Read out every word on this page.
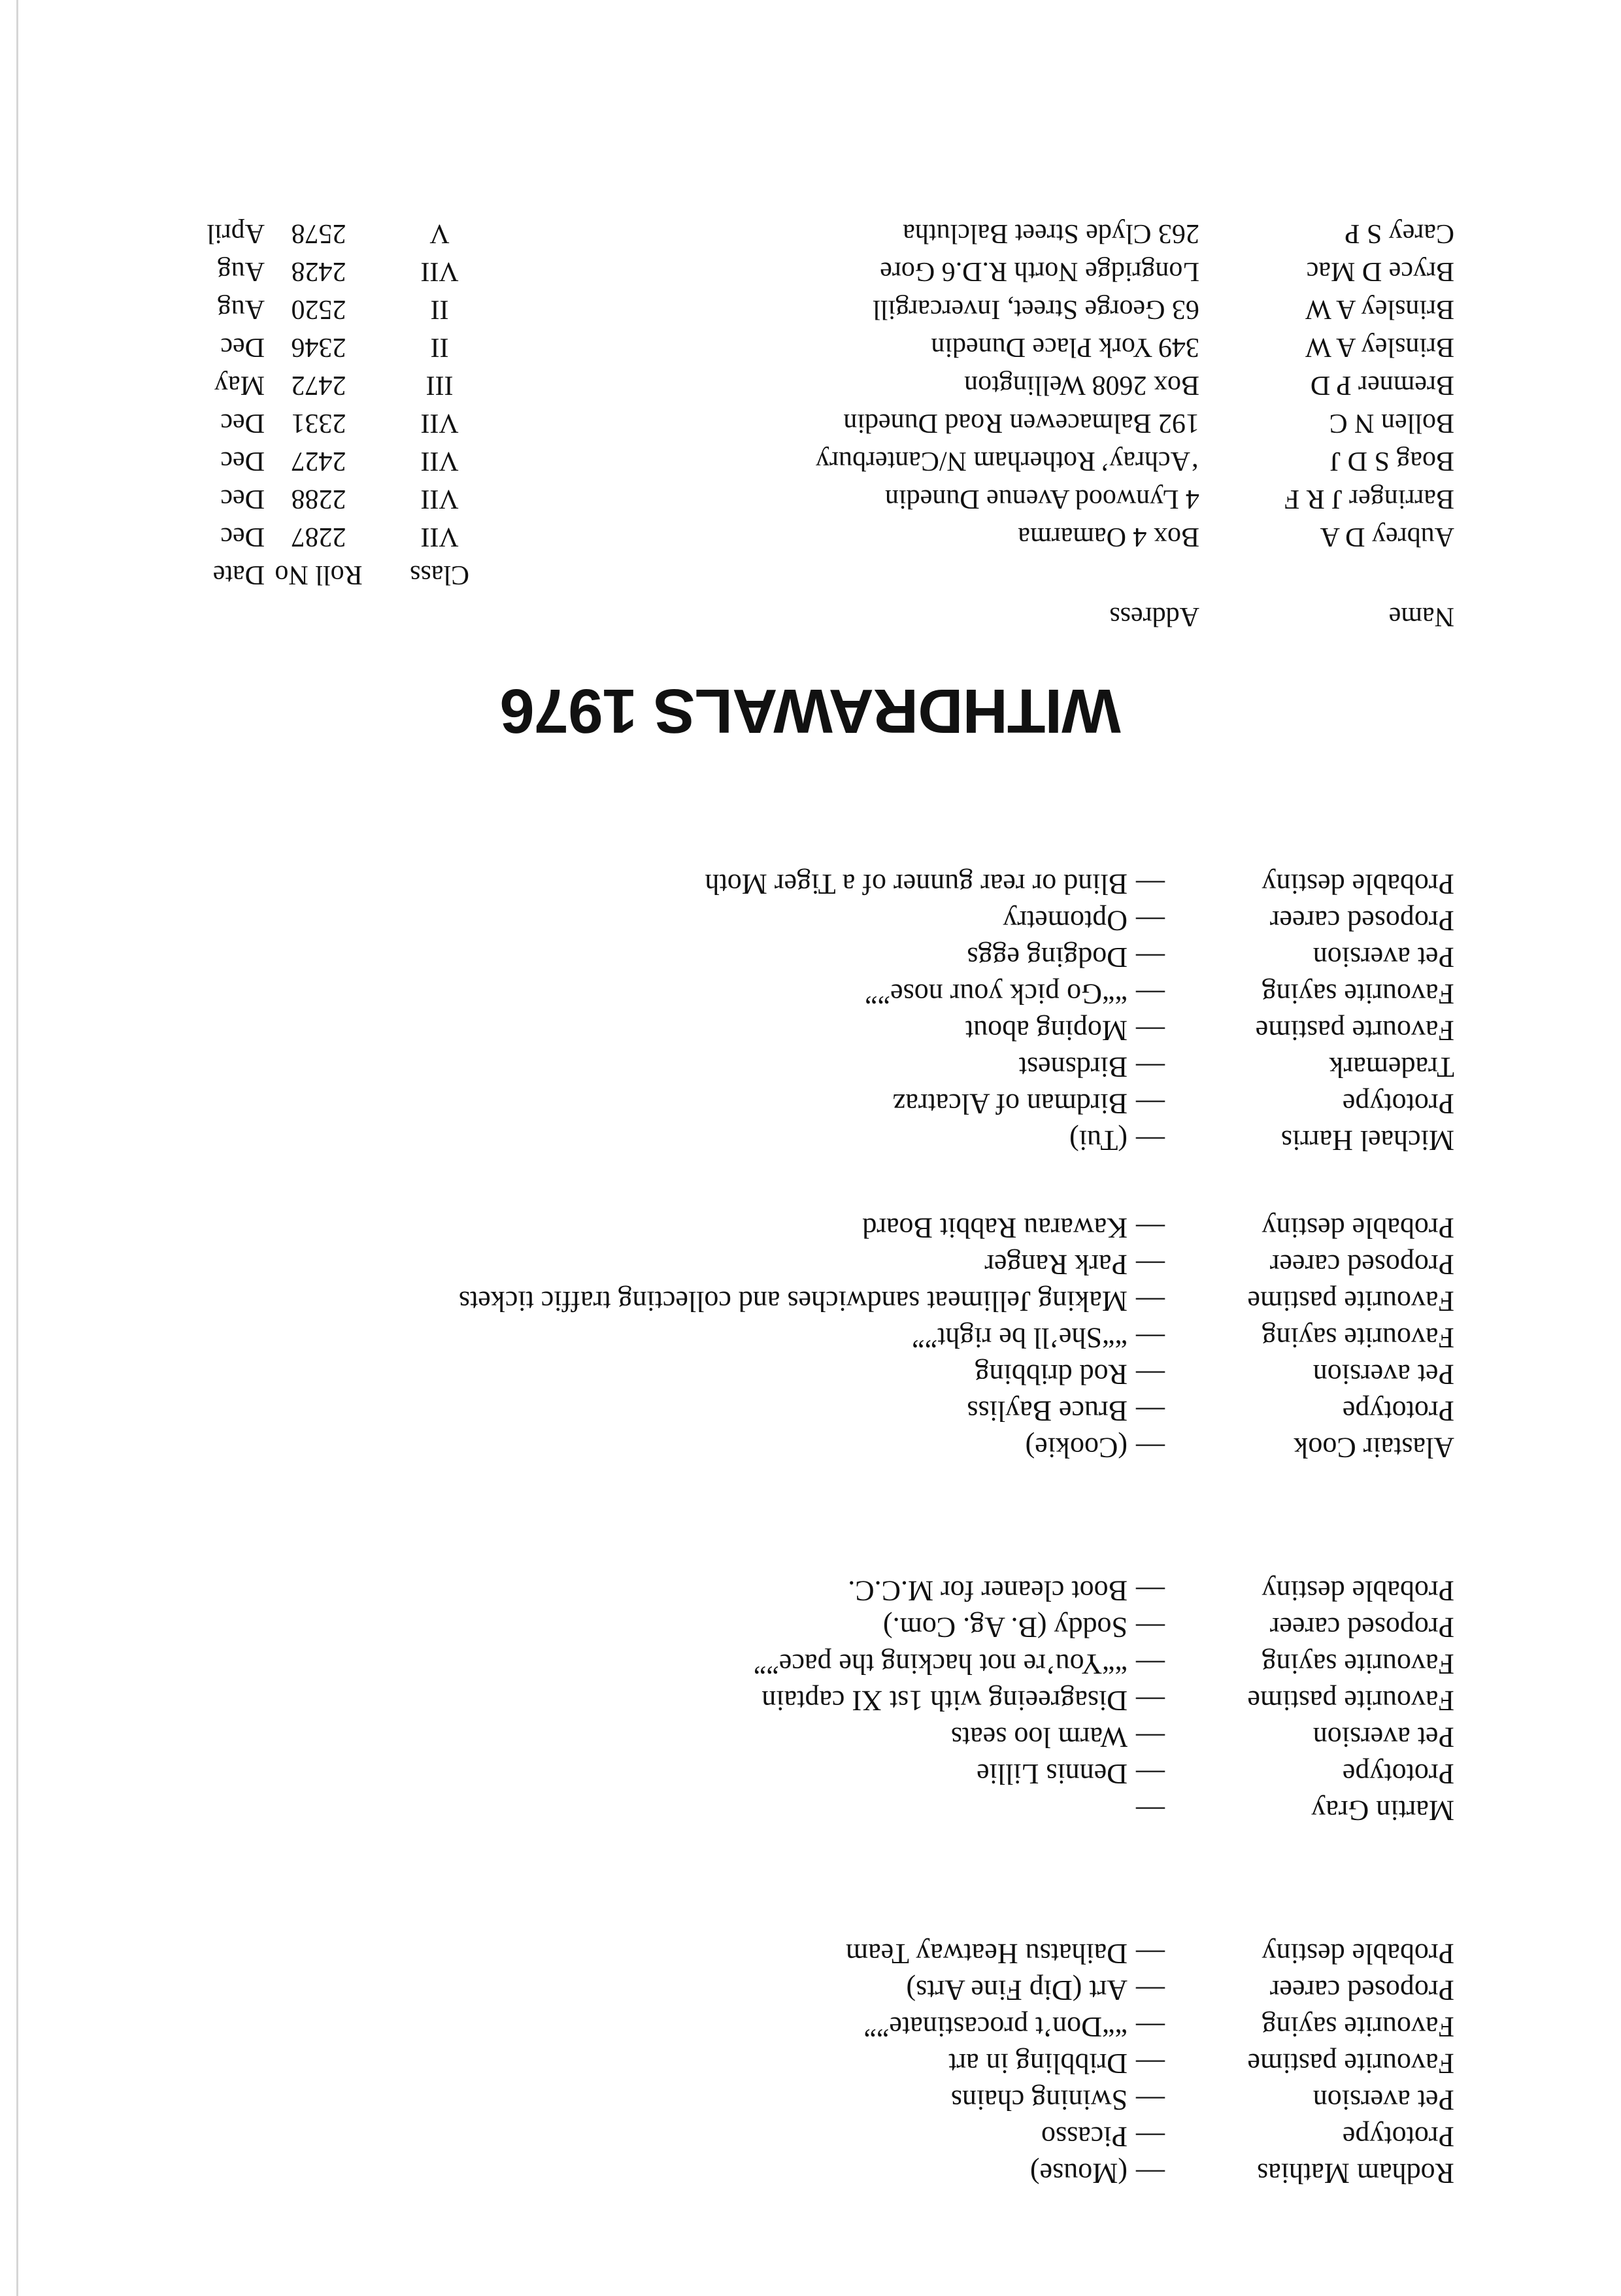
Rodham Mathias
—
(Mouse)
Prototype
—
Picasso
Pet aversion
—
Swining chains
Favourite pastime
—
Dribbling in art
Favourite saying
—
““Don’t procastinate””
Proposed career
—
Art (Dip Fine Arts)
Probable destiny
—
Daihatsu Heatway Team
Martin Gray
—
Prototype
—
Dennis Lillie
Pet aversion
—
Warm loo seats
Favourite pastime
—
Disagreeing with 1st XI captain
Favourite saying
—
““You’re not hacking the pace””
Proposed career
—
Soddy (B. Ag. Com.)
Probable destiny
—
Boot cleaner for M.C.C.
Alastair Cook
—
(Cookie)
Prototype
—
Bruce Bayliss
Pet aversion
—
Rod dribbing
Favourite saying
—
““She’ll be right””
Favourite pastime
—
Making Jellimeat sandwiches and collecting traffic tickets
Proposed career
—
Park Ranger
Probable destiny
—
Kawarau Rabbit Board
Michael Harris
—
(Tui)
Prototype
—
Birdman of Alcatraz
Trademark
—
Birdsnest
Favourte pastime
—
Moping about
Favourite saying
—
““Go pick your nose””
Pet aversion
—
Dodging eggs
Proposed career
—
Optometry
Probable destiny
—
Blind or rear gunner of a Tiger Moth
WITHDRAWALS 1976
Name
Address
Class
Roll No
Date
Aubrey D A
Box 4 Oamarma
VII
2287
Dec
Barringer J R F
4 Lynwood Avenue Dunedin
VII
2288
Dec
Boag S D J
‘Achray’ Rotherham N/Canterbury
VII
2427
Dec
Bollen N C
192 Balmacewen Road Dunedin
VII
2331
Dec
Bremner P D
Box 2608 Wellington
III
2472
May
Brinsley A W
349 York Place Dunedin
II
2346
Dec
Brinsley A W
63 George Street, Invercargill
II
2520
Aug
Bryce D Mac
Longridge North R.D.6 Gore
VII
2428
Aug
Carey S P
263 Clyde Street Balclutha
V
2578
April
